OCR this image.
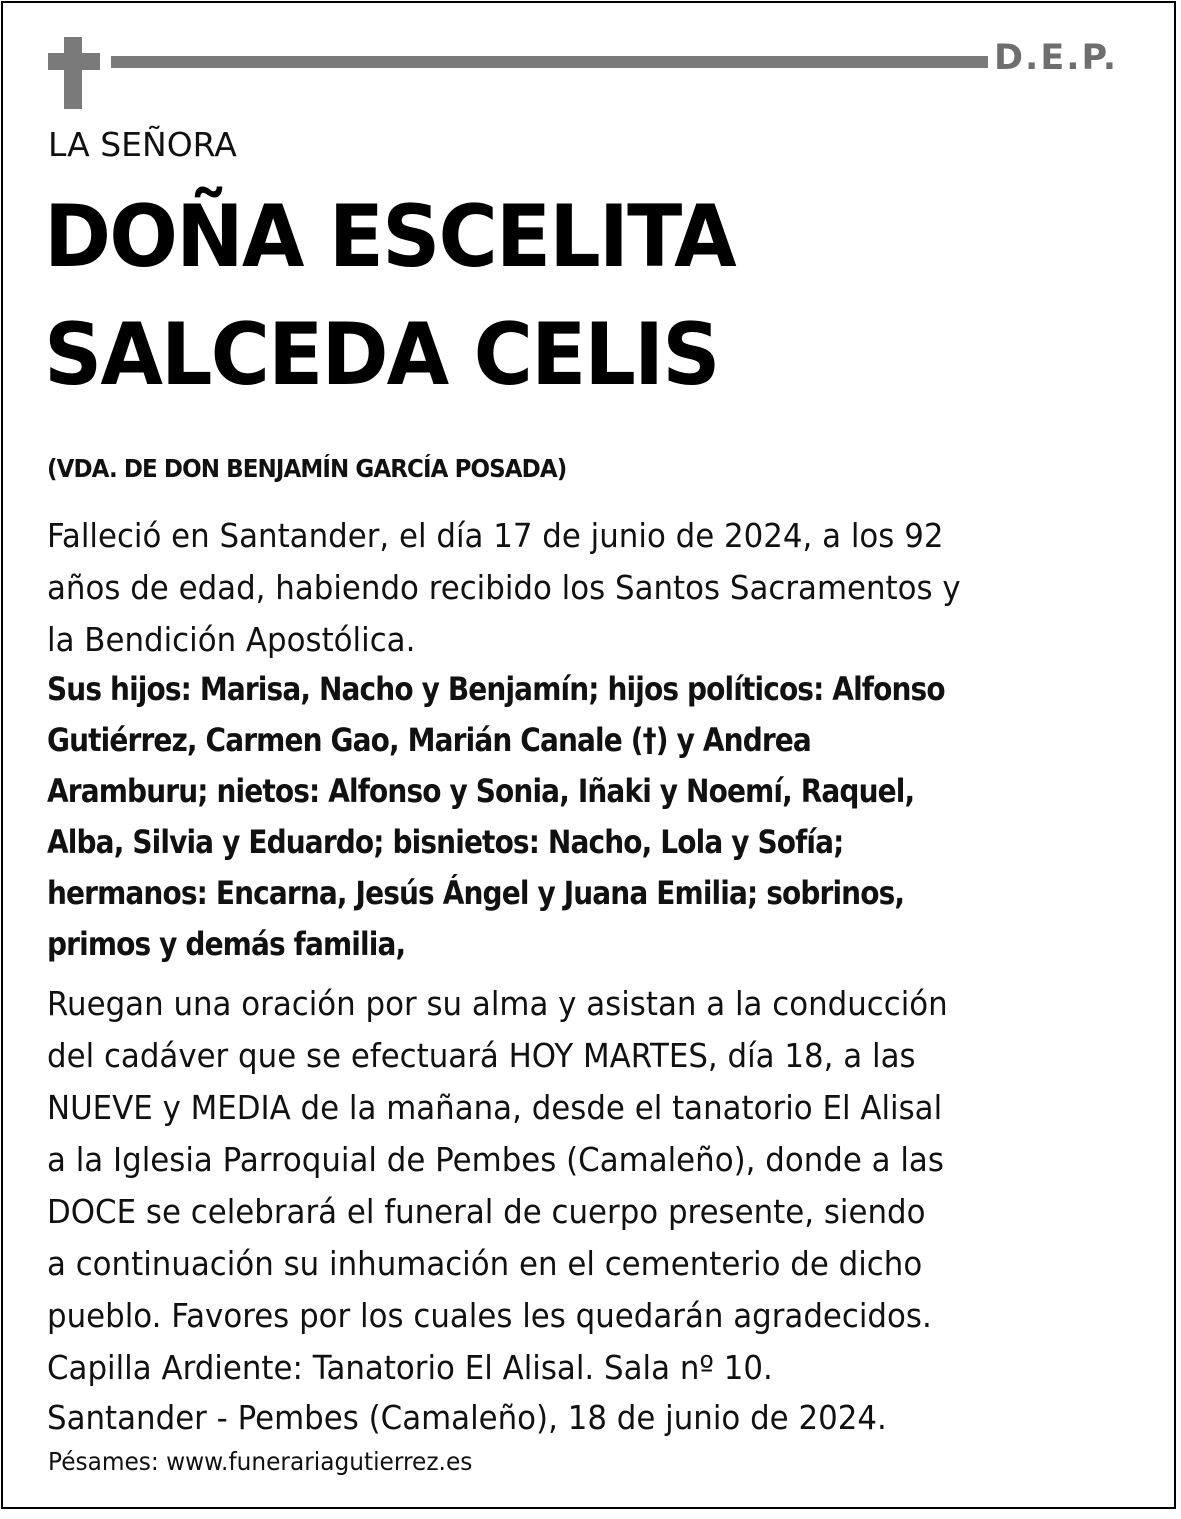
D.E.P.
LA SEÑORA
DOÑA ESCELITA
SALCEDA CELIS
(VDA. DE DON BENJAMÍN GARCÍA POSADA)
Falleció en Santander, el día 17 de junio de 2024, a los 92
años de edad, habiendo recibido los Santos Sacramentos y
la Bendición Apostólica.
Sus hijos: Marisa, Nacho y Benjamín; hijos políticos: Alfonso
Gutiérrez, Carmen Gao, Marián Canale (†) y Andrea
Aramburu; nietos: Alfonso y Sonia, Iñaki y Noemí, Raquel,
Alba, Silvia y Eduardo; bisnietos: Nacho, Lola y Sofía;
hermanos: Encarna, Jesús Ángel y Juana Emilia; sobrinos,
primos y demás familia,
Ruegan una oración por su alma y asistan a la conducción
del cadáver que se efectuará HOY MARTES, día 18, a las
NUEVE y MEDIA de la mañana, desde el tanatorio El Alisal
a la Iglesia Parroquial de Pembes (Camaleño), donde a las
DOCE se celebrará el funeral de cuerpo presente, siendo
a continuación su inhumación en el cementerio de dicho
pueblo. Favores por los cuales les quedarán agradecidos.
Capilla Ardiente: Tanatorio El Alisal. Sala nº 10.
Santander - Pembes (Camaleño), 18 de junio de 2024.
Pésames: www.funerariagutierrez.es
